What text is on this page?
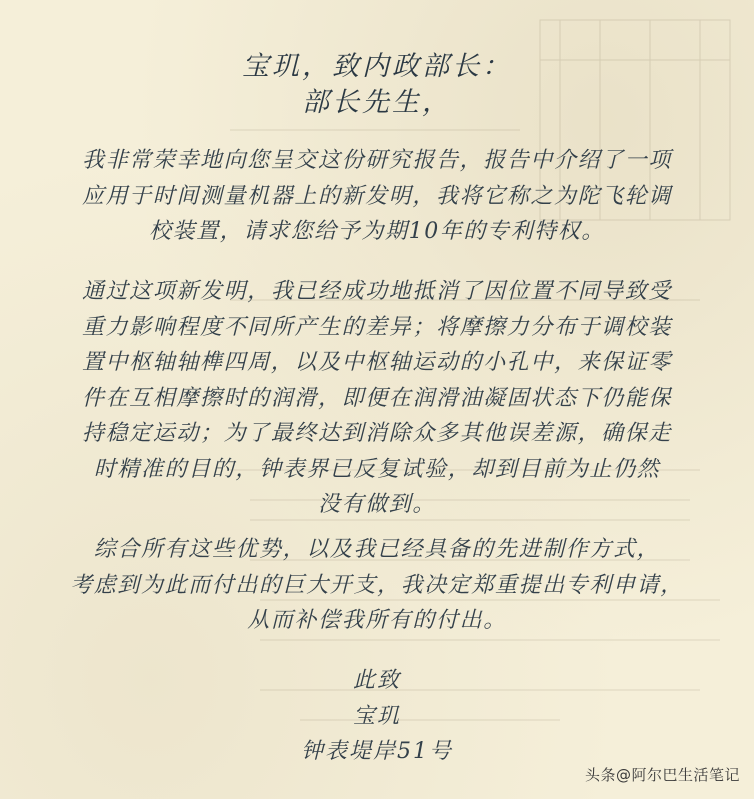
宝玑，致内政部长：
部长先生，
我非常荣幸地向您呈交这份研究报告，报告中介绍了一项
应用于时间测量机器上的新发明，我将它称之为陀飞轮调
校装置，请求您给予为期10年的专利特权。
通过这项新发明，我已经成功地抵消了因位置不同导致受
重力影响程度不同所产生的差异；将摩擦力分布于调校装
置中枢轴轴榫四周，以及中枢轴运动的小孔中，来保证零
件在互相摩擦时的润滑，即便在润滑油凝固状态下仍能保
持稳定运动；为了最终达到消除众多其他误差源，确保走
时精准的目的，钟表界已反复试验，却到目前为止仍然
没有做到。
综合所有这些优势，以及我已经具备的先进制作方式，
考虑到为此而付出的巨大开支，我决定郑重提出专利申请，
从而补偿我所有的付出。
此致
宝玑
钟表堤岸51号
头条@阿尔巴生活笔记
